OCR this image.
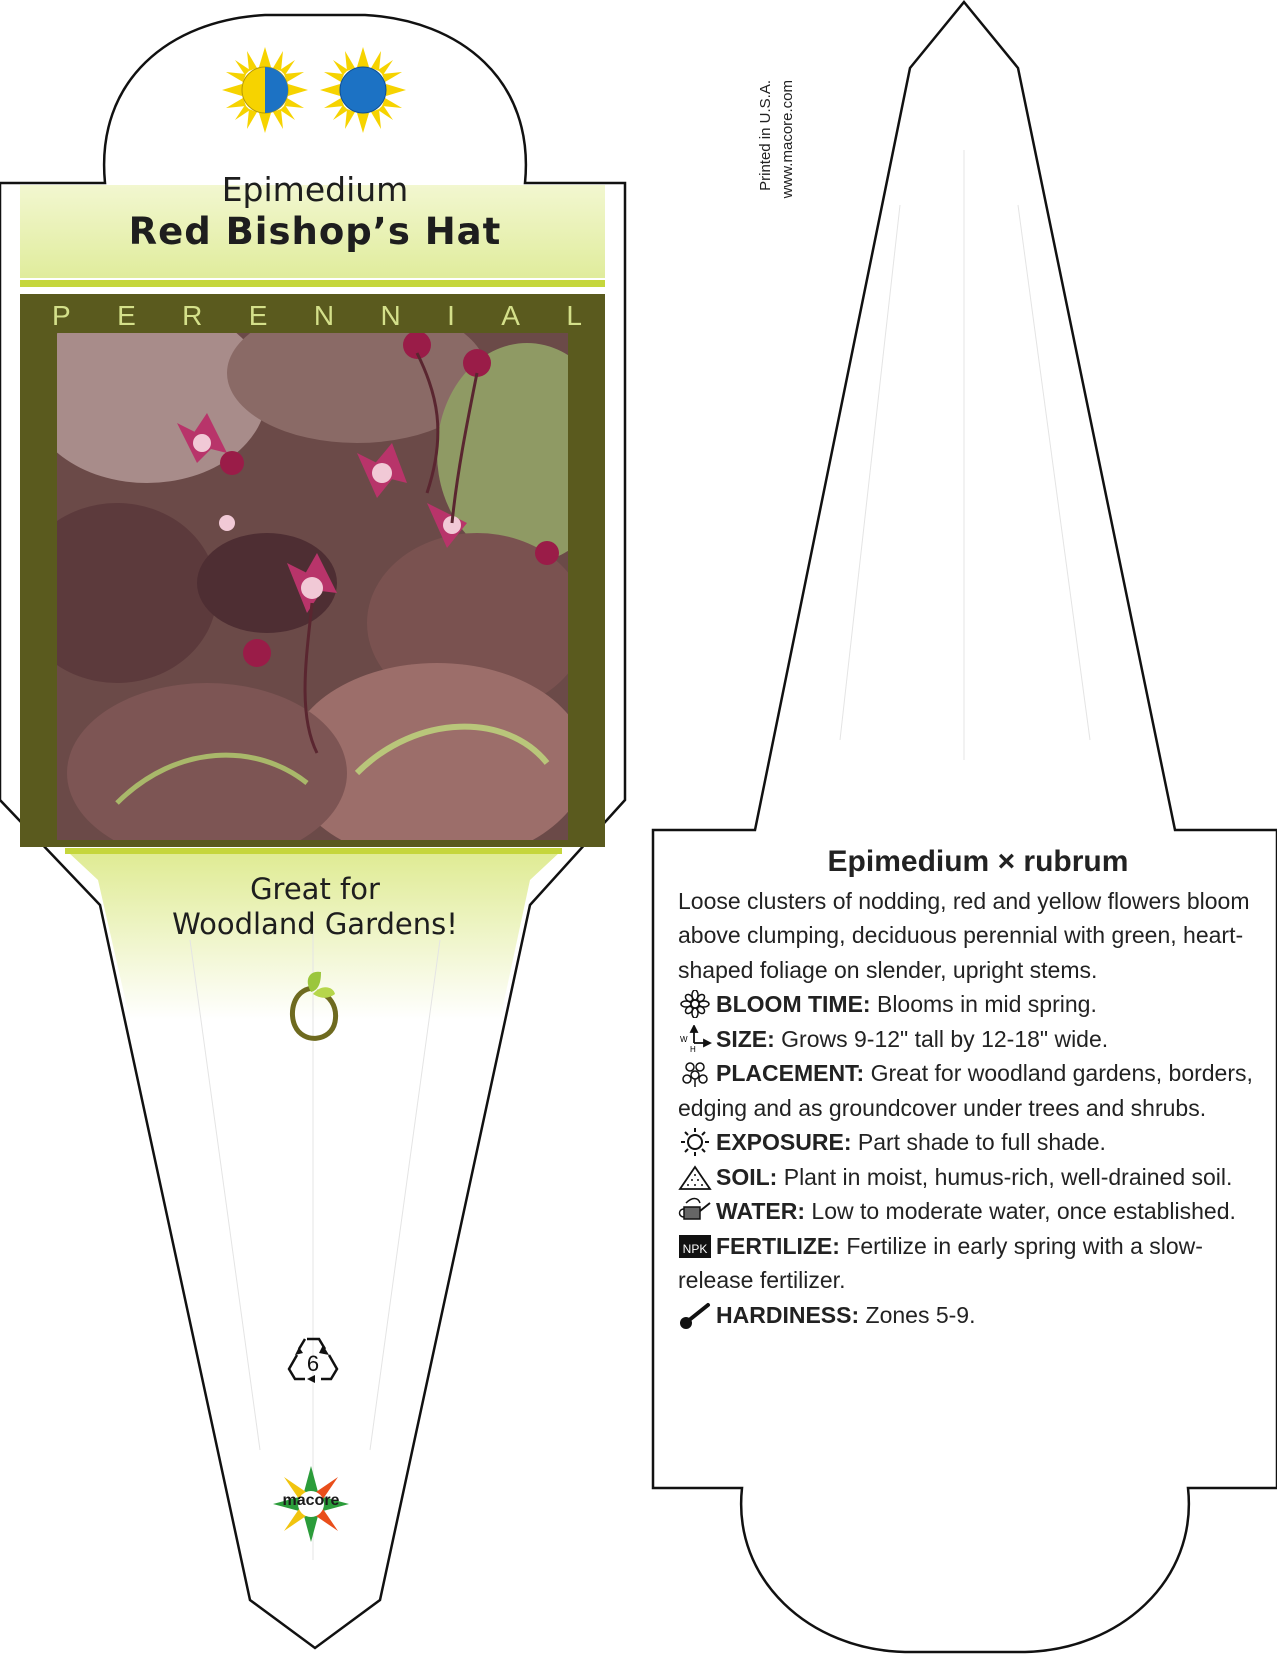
Epimedium
Red Bishop’s Hat
P E R E N N I A L
Great for
Woodland Gardens!
6
macore
Printed in U.S.A. www.macore.com
Epimedium × rubrum

Loose clusters of nodding, red and yellow flowers bloom above clumping, deciduous perennial with green, heart-shaped foliage on slender, upright stems.

BLOOM TIME: Blooms in mid spring.

W
H SIZE: Grows 9-12" tall by 12-18" wide.

PLACEMENT: Great for woodland gardens, borders, edging and as groundcover under trees and shrubs.

EXPOSURE: Part shade to full shade.

SOIL: Plant in moist, humus-rich, well-drained soil.

WATER: Low to moderate water, once established.

NPK FERTILIZE: Fertilize in early spring with a slow-release fertilizer.

HARDINESS: Zones 5-9.
